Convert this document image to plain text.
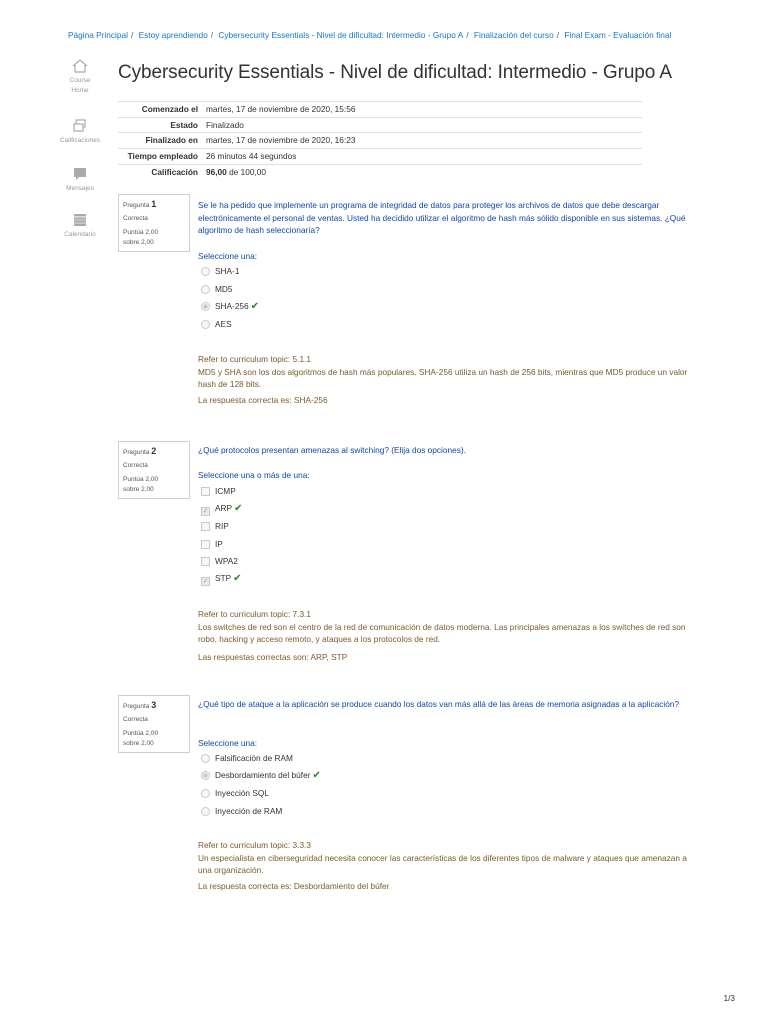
Página Principal / Estoy aprendiendo / Cybersecurity Essentials - Nivel de dificultad: Intermedio - Grupo A / Finalización del curso / Final Exam - Evaluación final
Course Home
Calificaciones
Mensajes
Calendario
Cybersecurity Essentials - Nivel de dificultad: Intermedio - Grupo A
Comenzado el	martes, 17 de noviembre de 2020, 15:56
Estado	Finalizado
Finalizado en	martes, 17 de noviembre de 2020, 16:23
Tiempo empleado	26 minutos 44 segundos
Calificación	96,00 de 100,00
Pregunta 1
Correcta
Puntúa 2,00
sobre 2,00
Se le ha pedido que implemente un programa de integridad de datos para proteger los archivos de datos que debe descargar electrónicamente el personal de ventas. Usted ha decidido utilizar el algoritmo de hash más sólido disponible en sus sistemas. ¿Qué algoritmo de hash seleccionaría?
Seleccione una:
SHA-1
MD5
SHA-256 ✔
AES
Refer to curriculum topic: 5.1.1
MD5 y SHA son los dos algoritmos de hash más populares. SHA-256 utiliza un hash de 256 bits, mientras que MD5 produce un valor hash de 128 bits.
La respuesta correcta es: SHA-256
Pregunta 2
Correcta
Puntúa 2,00
sobre 2,00
¿Qué protocolos presentan amenazas al switching? (Elija dos opciones).
Seleccione una o más de una:
ICMP
✓ARP ✔
RIP
IP
WPA2
✓STP ✔
Refer to curriculum topic: 7.3.1
Los switches de red son el centro de la red de comunicación de datos moderna. Las principales amenazas a los switches de red son robo, hacking y acceso remoto, y ataques a los protocolos de red.
Las respuestas correctas son: ARP, STP
Pregunta 3
Correcta
Puntúa 2,00
sobre 2,00
¿Qué tipo de ataque a la aplicación se produce cuando los datos van más allá de las áreas de memoria asignadas a la aplicación?
Seleccione una:
Falsificación de RAM
Desbordamiento del búfer ✔
Inyección SQL
Inyección de RAM
Refer to curriculum topic: 3.3.3
Un especialista en ciberseguridad necesita conocer las características de los diferentes tipos de malware y ataques que amenazan a una organización.
La respuesta correcta es: Desbordamiento del búfer
1/3
